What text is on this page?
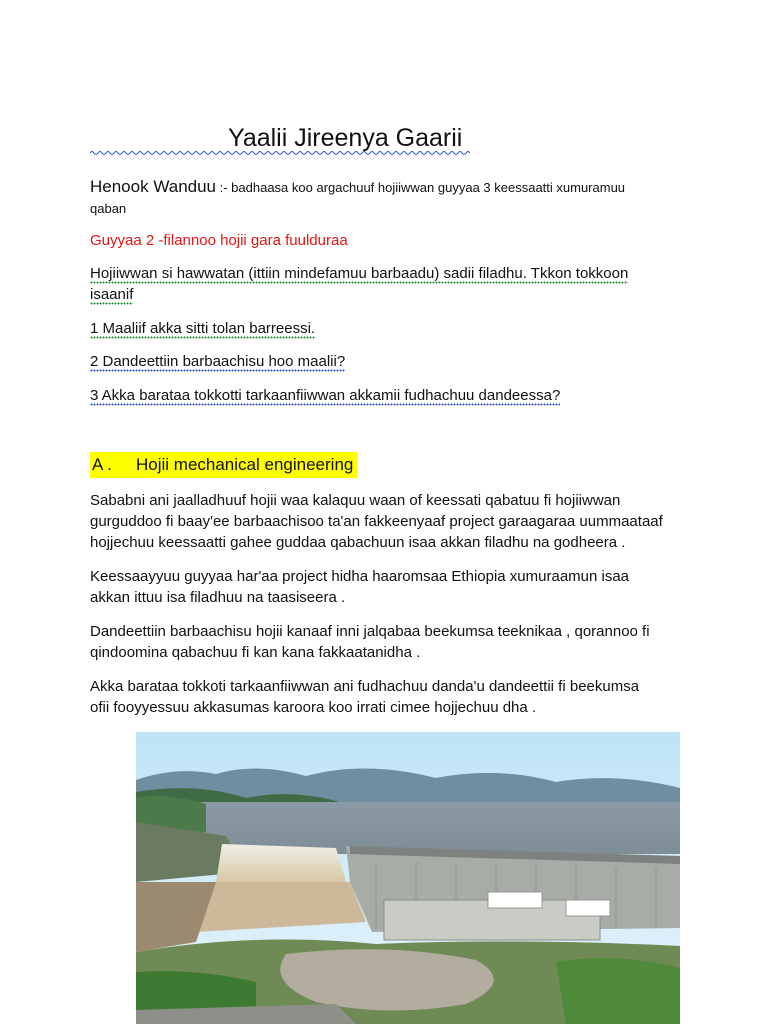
Yaalii Jireenya Gaarii
Henook Wanduu :- badhaasa koo argachuuf hojiiwwan guyyaa 3 keessaatti xumuramuu
qaban
Guyyaa 2 -filannoo hojii gara fuulduraa
Hojiiwwan si hawwatan (ittiin mindefamuu barbaadu) sadii filadhu. Tkkon tokkoon
isaanif
1 Maaliif akka sitti tolan barreessi.
2 Dandeettiin barbaachisu hoo maalii?
3 Akka barataa tokkotti tarkaanfiiwwan akkamii fudhachuu dandeessa?
A . Hojii mechanical engineering
Sababni ani jaalladhuuf hojii waa kalaquu waan of keessati qabatuu fi hojiiwwan
gurguddoo fi baay'ee barbaachisoo ta'an fakkeenyaaf project garaagaraa uummaataaf
hojjechuu keessaatti gahee guddaa qabachuun isaa akkan filadhu na godheera .
Keessaayyuu guyyaa har'aa project hidha haaromsaa Ethiopia xumuraamun isaa
akkan ittuu isa filadhuu na taasiseera .
Dandeettiin barbaachisu hojii kanaaf inni jalqabaa beekumsa teeknikaa , qorannoo fi
qindoomina qabachuu fi kan kana fakkaatanidha .
Akka barataa tokkoti tarkaanfiiwwan ani fudhachuu danda'u dandeettii fi beekumsa
ofii fooyyessuu akkasumas karoora koo irrati cimee hojjechuu dha .
